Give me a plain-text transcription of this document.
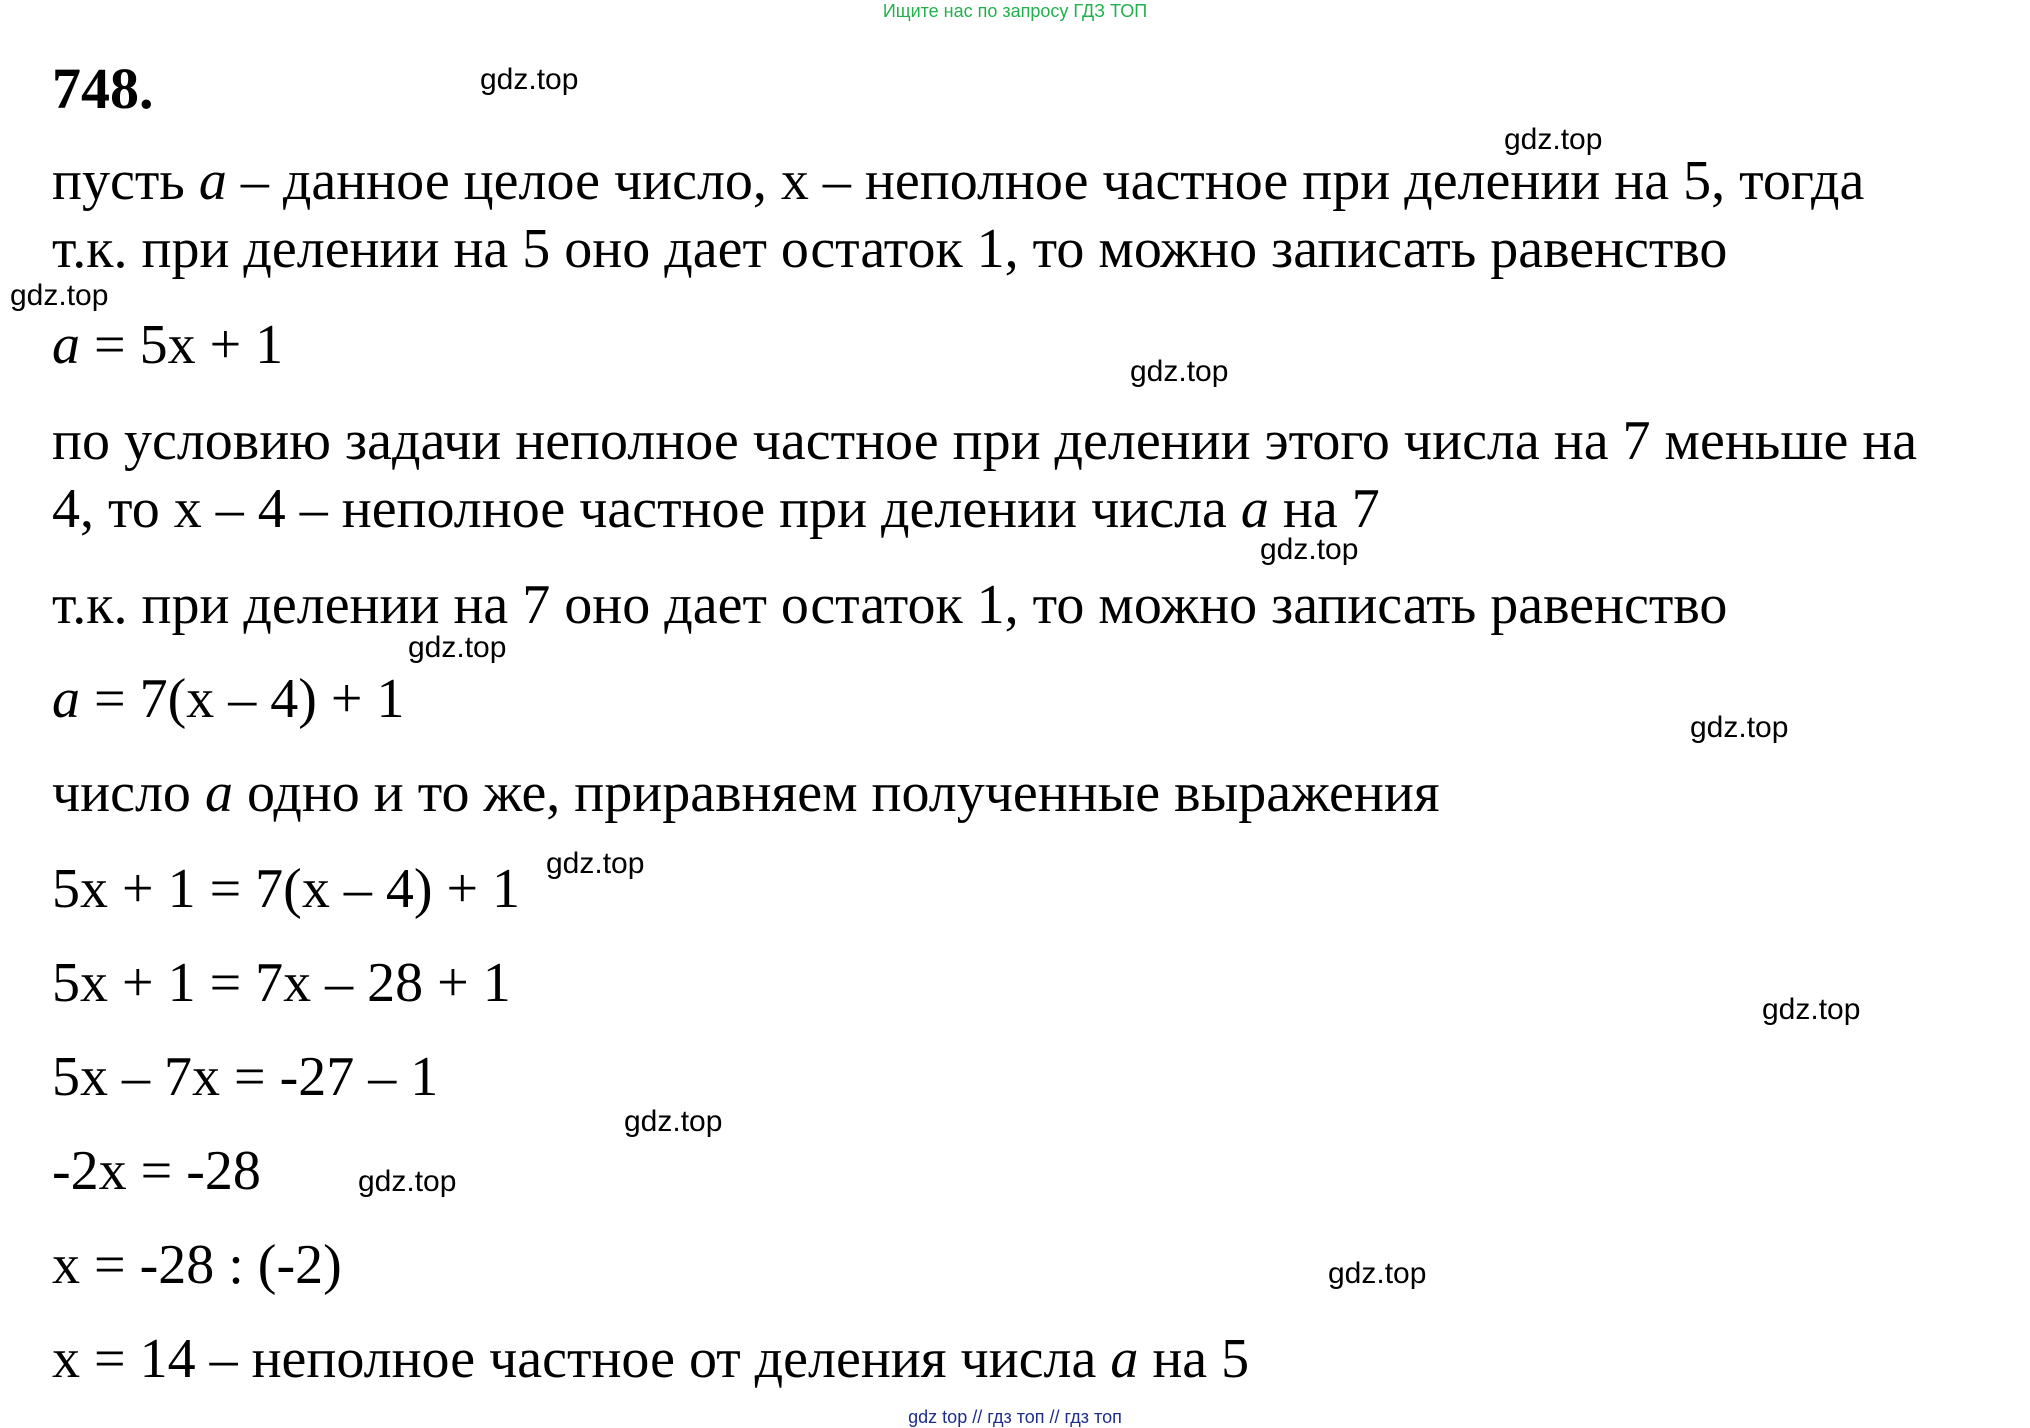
Ищите нас по запросу ГДЗ ТОП
748.
пусть a – данное целое число, х – неполное частное при делении на 5, тогда
т.к. при делении на 5 оно дает остаток 1, то можно записать равенство
a = 5х + 1
по условию задачи неполное частное при делении этого числа на 7 меньше на
4, то х – 4 – неполное частное при делении числа a на 7
т.к. при делении на 7 оно дает остаток 1, то можно записать равенство
a = 7(х – 4) + 1
число a одно и то же, приравняем полученные выражения
5х + 1 = 7(х – 4) + 1
5х + 1 = 7х – 28 + 1
5х – 7х = -27 – 1
-2х = -28
х = -28 : (-2)
х = 14 – неполное частное от деления числа a на 5
gdz.top
gdz.top
gdz.top
gdz.top
gdz.top
gdz.top
gdz.top
gdz.top
gdz.top
gdz.top
gdz.top
gdz.top
gdz top // гдз топ // гдз топ
